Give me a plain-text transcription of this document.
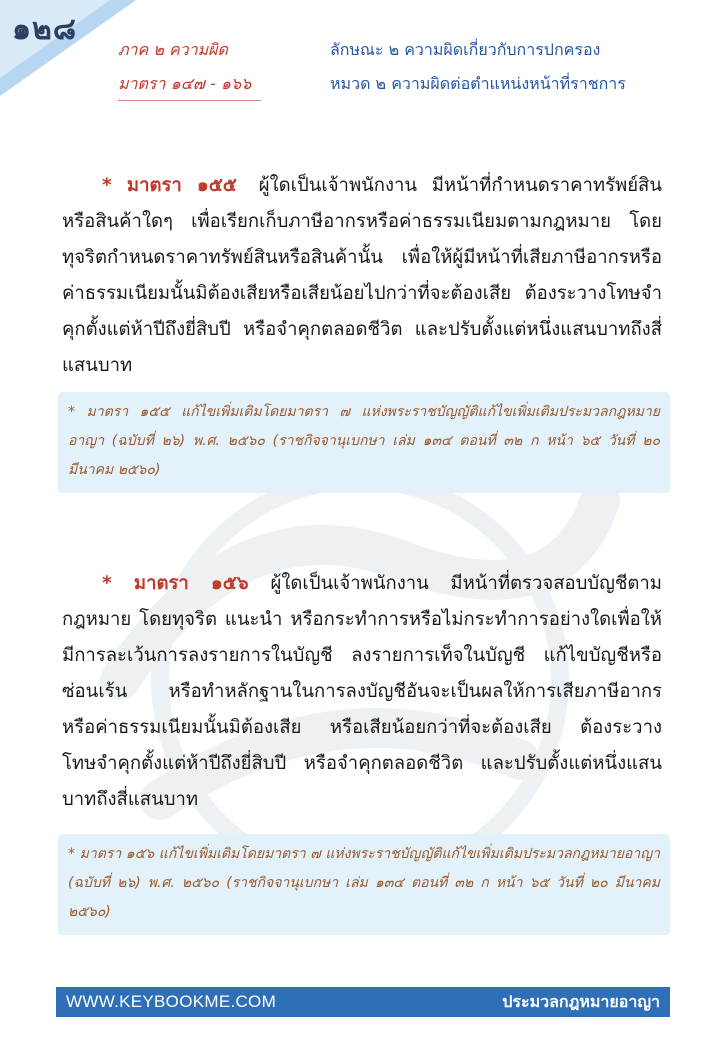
๑๒๘
ภาค ๒ ความผิด
มาตรา ๑๔๗ - ๑๖๖
ลักษณะ ๒ ความผิดเกี่ยวกับการปกครอง
หมวด ๒ ความผิดต่อตำแหน่งหน้าที่ราชการ
* มาตรา ๑๕๕ ผู้ใดเป็นเจ้าพนักงาน มีหน้าที่กำหนดราคาทรัพย์สินหรือสินค้าใดๆ เพื่อเรียกเก็บภาษีอากรหรือค่าธรรมเนียมตามกฎหมาย โดยทุจริตกำหนดราคาทรัพย์สินหรือสินค้านั้น เพื่อให้ผู้มีหน้าที่เสียภาษีอากรหรือค่าธรรมเนียมนั้นมิต้องเสียหรือเสียน้อยไปกว่าที่จะต้องเสีย ต้องระวางโทษจำคุกตั้งแต่ห้าปีถึงยี่สิบปี หรือจำคุกตลอดชีวิต และปรับตั้งแต่หนึ่งแสนบาทถึงสี่แสนบาท
* มาตรา ๑๕๕ แก้ไขเพิ่มเติมโดยมาตรา ๗ แห่งพระราชบัญญัติแก้ไขเพิ่มเติมประมวลกฎหมายอาญา (ฉบับที่ ๒๖) พ.ศ. ๒๕๖๐ (ราชกิจจานุเบกษา เล่ม ๑๓๔ ตอนที่ ๓๒ ก หน้า ๖๕ วันที่ ๒๐ มีนาคม ๒๕๖๐)
* มาตรา ๑๕๖ ผู้ใดเป็นเจ้าพนักงาน มีหน้าที่ตรวจสอบบัญชีตามกฎหมาย โดยทุจริต แนะนำ หรือกระทำการหรือไม่กระทำการอย่างใดเพื่อให้มีการละเว้นการลงรายการในบัญชี ลงรายการเท็จในบัญชี แก้ไขบัญชีหรือซ่อนเร้น หรือทำหลักฐานในการลงบัญชีอันจะเป็นผลให้การเสียภาษีอากร หรือค่าธรรมเนียมนั้นมิต้องเสีย หรือเสียน้อยกว่าที่จะต้องเสีย ต้องระวางโทษจำคุกตั้งแต่ห้าปีถึงยี่สิบปี หรือจำคุกตลอดชีวิต และปรับตั้งแต่หนึ่งแสนบาทถึงสี่แสนบาท
* มาตรา ๑๕๖ แก้ไขเพิ่มเติมโดยมาตรา ๗ แห่งพระราชบัญญัติแก้ไขเพิ่มเติมประมวลกฎหมายอาญา (ฉบับที่ ๒๖) พ.ศ. ๒๕๖๐ (ราชกิจจานุเบกษา เล่ม ๑๓๔ ตอนที่ ๓๒ ก หน้า ๖๕ วันที่ ๒๐ มีนาคม ๒๕๖๐)
WWW.KEYBOOKME.COM	ประมวลกฎหมายอาญา
